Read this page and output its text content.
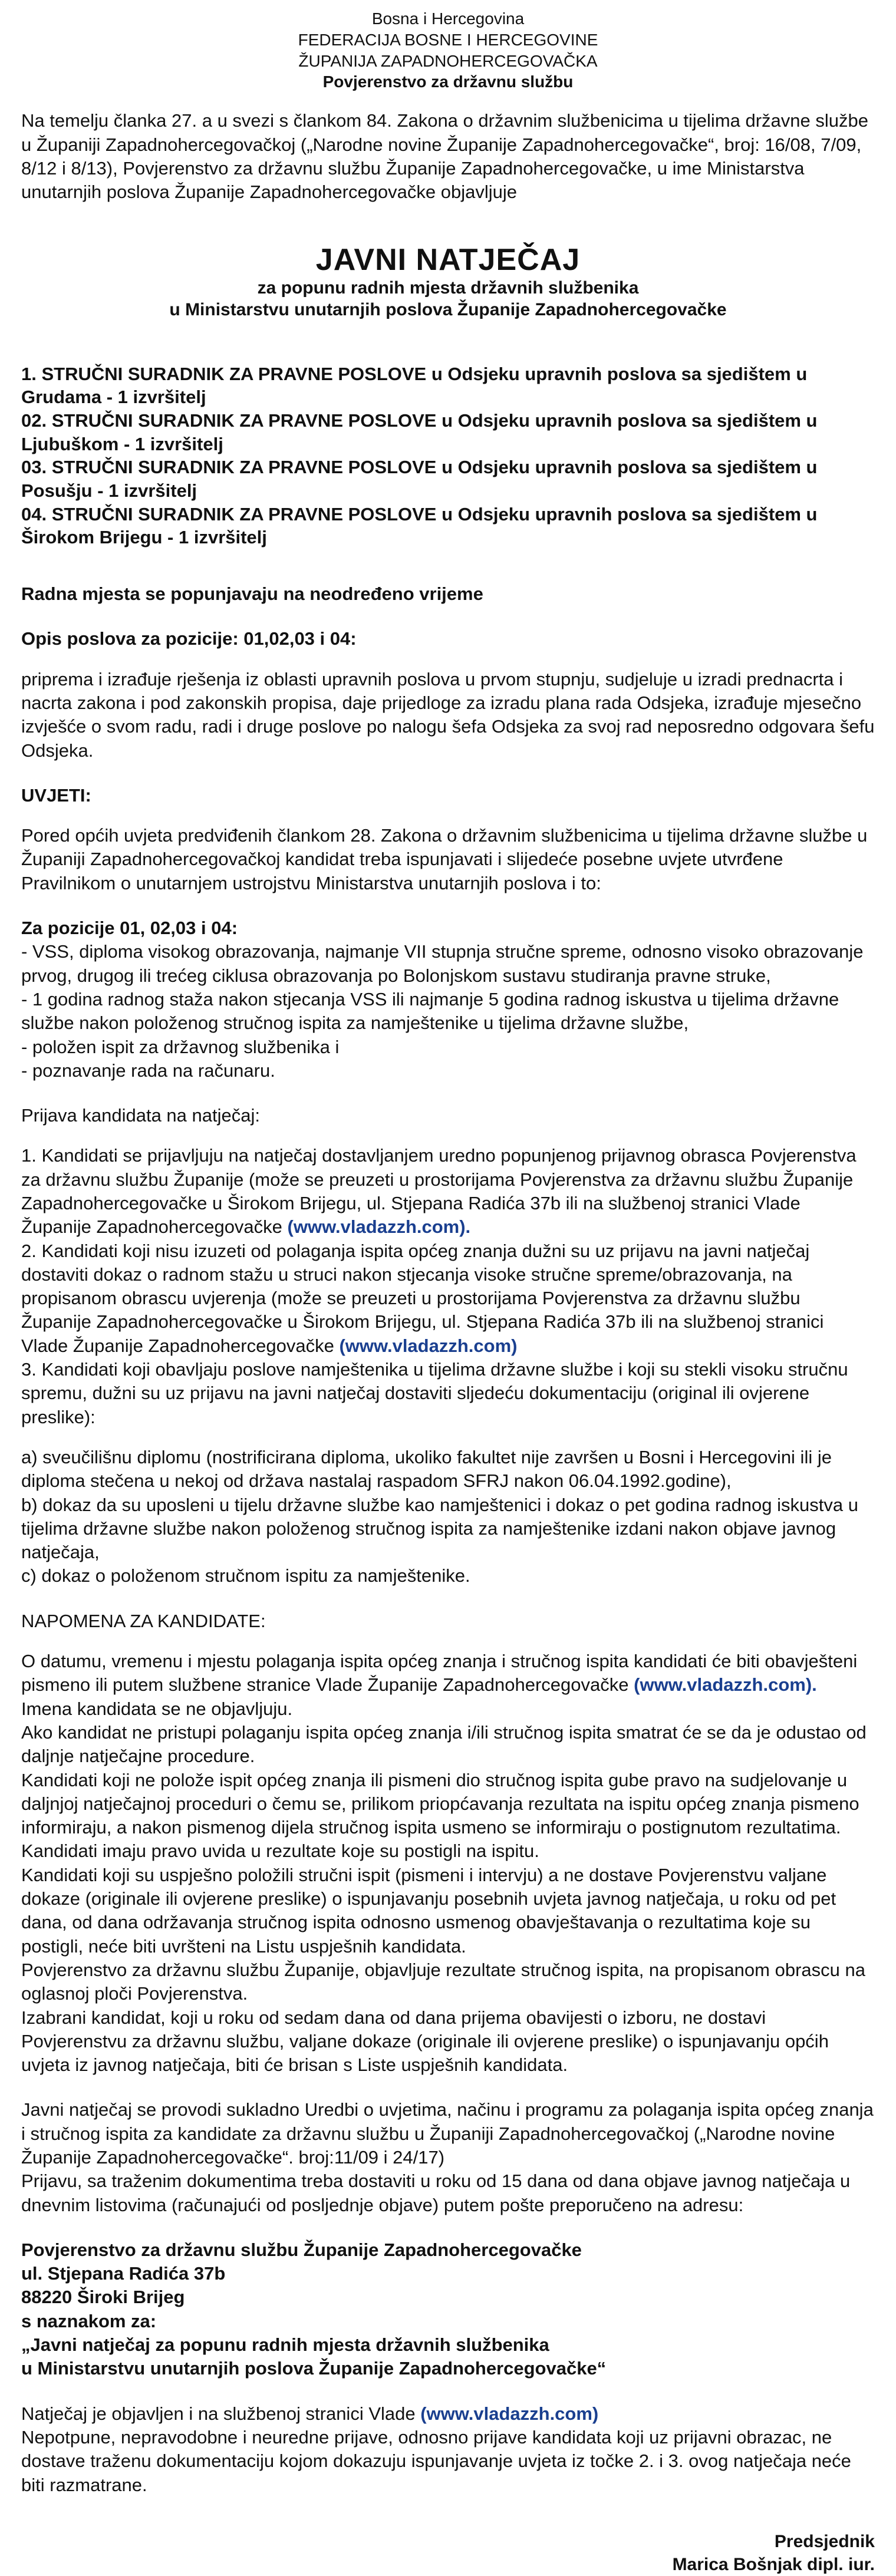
Bosna i Hercegovina
FEDERACIJA BOSNE I HERCEGOVINE
ŽUPANIJA ZAPADNOHERCEGOVAČKA
Povjerenstvo za državnu službu

Na temelju članka 27. a u svezi s člankom 84. Zakona o državnim službenicima u tijelima državne službe u Županiji Zapadnohercegovačkoj („Narodne novine Županije Zapadnohercegovačke“, broj: 16/08, 7/09, 8/12 i 8/13), Povjerenstvo za državnu službu Županije Zapadnohercegovačke, u ime Ministarstva unutarnjih poslova Županije Zapadnohercegovačke objavljuje

JAVNI NATJEČAJ
za popunu radnih mjesta državnih službenika
u Ministarstvu unutarnjih poslova Županije Zapadnohercegovačke
1. STRUČNI SURADNIK ZA PRAVNE POSLOVE u Odsjeku upravnih poslova sa sjedištem u Grudama - 1 izvršitelj
02. STRUČNI SURADNIK ZA PRAVNE POSLOVE u Odsjeku upravnih poslova sa sjedištem u Ljubuškom - 1 izvršitelj
03. STRUČNI SURADNIK ZA PRAVNE POSLOVE u Odsjeku upravnih poslova sa sjedištem u Posušju - 1 izvršitelj
04. STRUČNI SURADNIK ZA PRAVNE POSLOVE u Odsjeku upravnih poslova sa sjedištem u Širokom Brijegu - 1 izvršitelj

Radna mjesta se popunjavaju na neodređeno vrijeme

Opis poslova za pozicije: 01,02,03 i 04:

priprema i izrađuje rješenja iz oblasti upravnih poslova u prvom stupnju, sudjeluje u izradi prednacrta i nacrta zakona i pod zakonskih propisa, daje prijedloge za izradu plana rada Odsjeka, izrađuje mjesečno izvješće o svom radu, radi i druge poslove po nalogu šefa Odsjeka za svoj rad neposredno odgovara šefu Odsjeka.

UVJETI:

Pored općih uvjeta predviđenih člankom 28. Zakona o državnim službenicima u tijelima državne službe u Županiji Zapadnohercegovačkoj kandidat treba ispunjavati i slijedeće posebne uvjete utvrđene Pravilnikom o unutarnjem ustrojstvu Ministarstva unutarnjih poslova i to:

Za pozicije 01, 02,03 i 04:

- VSS, diploma visokog obrazovanja, najmanje VII stupnja stručne spreme, odnosno visoko obrazovanje prvog, drugog ili trećeg ciklusa obrazovanja po Bolonjskom sustavu studiranja pravne struke,
- 1 godina radnog staža nakon stjecanja VSS ili najmanje 5 godina radnog iskustva u tijelima državne službe nakon položenog stručnog ispita za namještenike u tijelima državne službe,
- položen ispit za državnog službenika i
- poznavanje rada na računaru.

Prijava kandidata na natječaj:

1. Kandidati se prijavljuju na natječaj dostavljanjem uredno popunjenog prijavnog obrasca Povjerenstva za državnu službu Županije (može se preuzeti u prostorijama Povjerenstva za državnu službu Županije Zapadnohercegovačke u Širokom Brijegu, ul. Stjepana Radića 37b ili na službenoj stranici Vlade Županije Zapadnohercegovačke (www.vladazzh.com).

2. Kandidati koji nisu izuzeti od polaganja ispita općeg znanja dužni su uz prijavu na javni natječaj dostaviti dokaz o radnom stažu u struci nakon stjecanja visoke stručne spreme/obrazovanja, na propisanom obrascu uvjerenja (može se preuzeti u prostorijama Povjerenstva za državnu službu Županije Zapadnohercegovačke u Širokom Brijegu, ul. Stjepana Radića 37b ili na službenoj stranici Vlade Županije Zapadnohercegovačke (www.vladazzh.com)

3. Kandidati koji obavljaju poslove namještenika u tijelima državne službe i koji su stekli visoku stručnu spremu, dužni su uz prijavu na javni natječaj dostaviti sljedeću dokumentaciju (original ili ovjerene preslike):

a) sveučilišnu diplomu (nostrificirana diploma, ukoliko fakultet nije završen u Bosni i Hercegovini ili je diploma stečena u nekoj od država nastalaj raspadom SFRJ nakon 06.04.1992.godine),

b) dokaz da su uposleni u tijelu državne službe kao namještenici i dokaz o pet godina radnog iskustva u tijelima državne službe nakon položenog stručnog ispita za namještenike izdani nakon objave javnog natječaja,

c) dokaz o položenom stručnom ispitu za namještenike.

NAPOMENA ZA KANDIDATE:

O datumu, vremenu i mjestu polaganja ispita općeg znanja i stručnog ispita kandidati će biti obavješteni pismeno ili putem službene stranice Vlade Županije Zapadnohercegovačke (www.vladazzh.com).

Imena kandidata se ne objavljuju.

Ako kandidat ne pristupi polaganju ispita općeg znanja i/ili stručnog ispita smatrat će se da je odustao od daljnje natječajne procedure.

Kandidati koji ne polože ispit općeg znanja ili pismeni dio stručnog ispita gube pravo na sudjelovanje u daljnjoj natječajnoj proceduri o čemu se, prilikom priopćavanja rezultata na ispitu općeg znanja pismeno informiraju, a nakon pismenog dijela stručnog ispita usmeno se informiraju o postignutom rezultatima. Kandidati imaju pravo uvida u rezultate koje su postigli na ispitu.

Kandidati koji su uspješno položili stručni ispit (pismeni i intervju) a ne dostave Povjerenstvu valjane dokaze (originale ili ovjerene preslike) o ispunjavanju posebnih uvjeta javnog natječaja, u roku od pet dana, od dana održavanja stručnog ispita odnosno usmenog obavještavanja o rezultatima koje su postigli, neće biti uvršteni na Listu uspješnih kandidata.

Povjerenstvo za državnu službu Županije, objavljuje rezultate stručnog ispita, na propisanom obrascu na oglasnoj ploči Povjerenstva.

Izabrani kandidat, koji u roku od sedam dana od dana prijema obavijesti o izboru, ne dostavi Povjerenstvu za državnu službu, valjane dokaze (originale ili ovjerene preslike) o ispunjavanju općih uvjeta iz javnog natječaja, biti će brisan s Liste uspješnih kandidata.

Javni natječaj se provodi sukladno Uredbi o uvjetima, načinu i programu za polaganja ispita općeg znanja i stručnog ispita za kandidate za državnu službu u Županiji Zapadnohercegovačkoj („Narodne novine Županije Zapadnohercegovačke“. broj:11/09 i 24/17)

Prijavu, sa traženim dokumentima treba dostaviti u roku od 15 dana od dana objave javnog natječaja u dnevnim listovima (računajući od posljednje objave) putem pošte preporučeno na adresu:

Povjerenstvo za državnu službu Županije Zapadnohercegovačke
ul. Stjepana Radića 37b
88220 Široki Brijeg
s naznakom za:
„Javni natječaj za popunu radnih mjesta državnih službenika
u Ministarstvu unutarnjih poslova Županije Zapadnohercegovačke“

Natječaj je objavljen i na službenoj stranici Vlade (www.vladazzh.com)

Nepotpune, nepravodobne i neuredne prijave, odnosno prijave kandidata koji uz prijavni obrazac, ne dostave traženu dokumentaciju kojom dokazuju ispunjavanje uvjeta iz točke 2. i 3. ovog natječaja neće biti razmatrane.

Predsjednik
Marica Bošnjak dipl. iur.
